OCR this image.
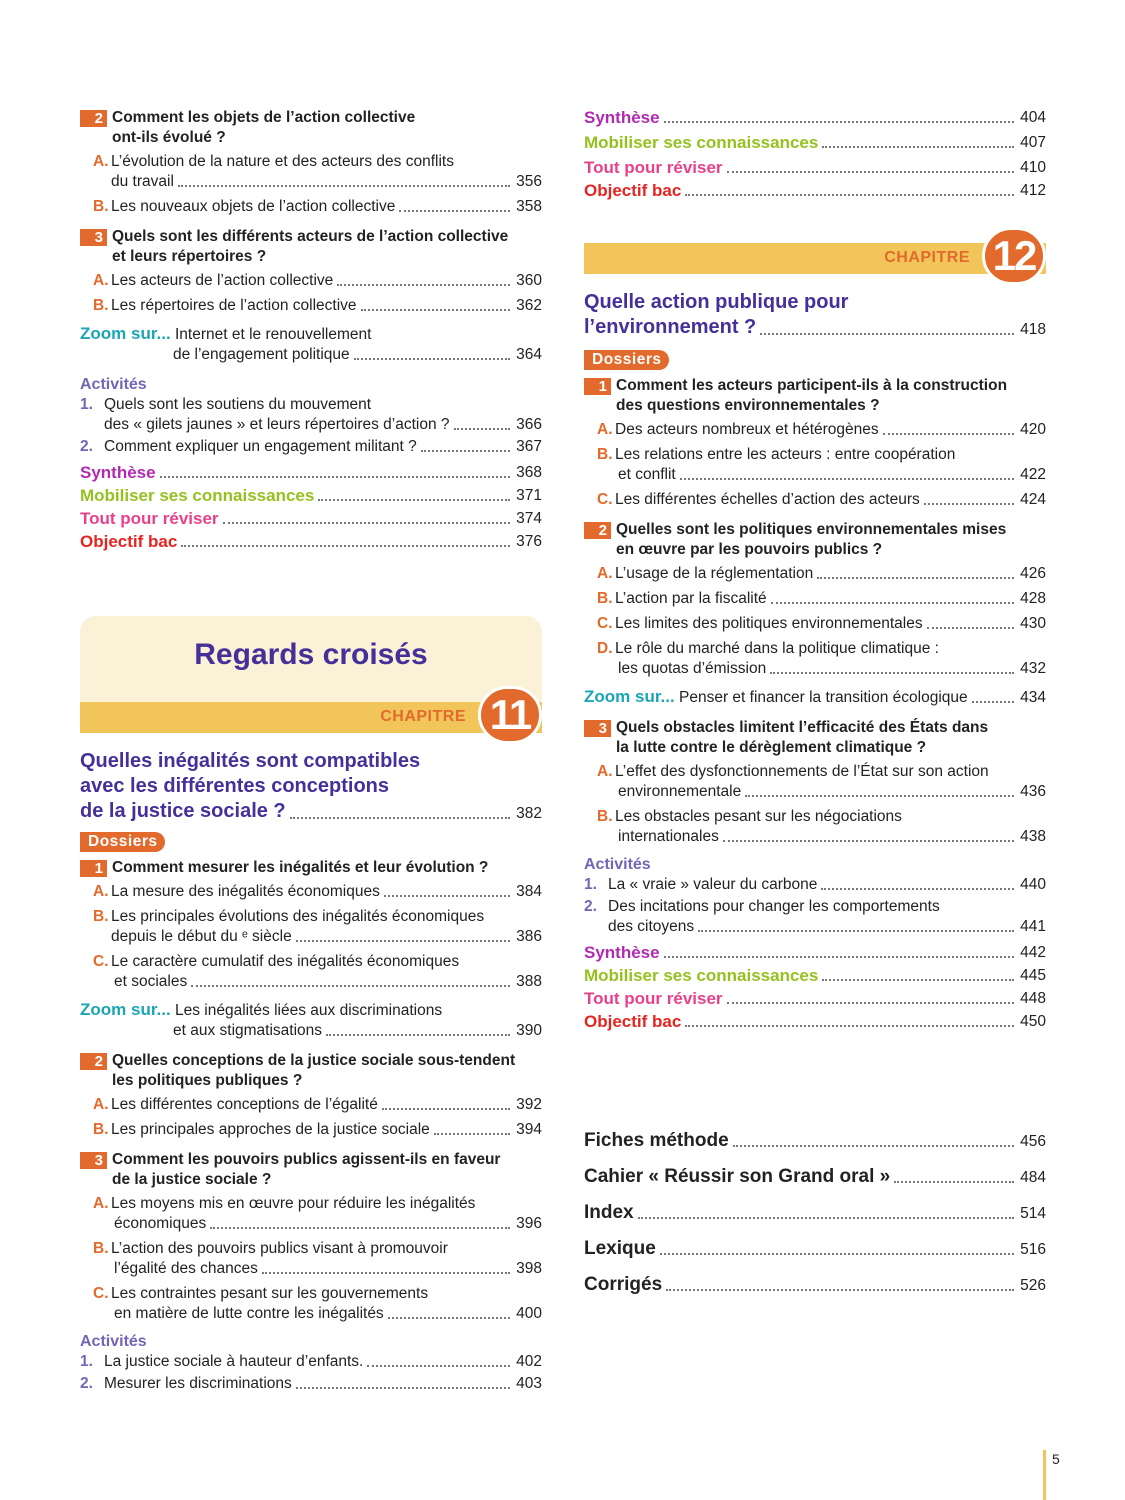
2 Comment les objets de l’action collective
ont-ils évolué ?
A. L’évolution de la nature et des acteurs des conflits
du travail	356
B. Les nouveaux objets de l’action collective	358
3 Quels sont les différents acteurs de l’action collective
et leurs répertoires ?
A. Les acteurs de l’action collective	360
B. Les répertoires de l’action collective	362
Zoom sur... Internet et le renouvellement
de l’engagement politique	364
Activités
1. Quels sont les soutiens du mouvement
des « gilets jaunes » et leurs répertoires d’action ?	366
2. Comment expliquer un engagement militant ?	367
Synthèse	368
Mobiliser ses connaissances	371
Tout pour réviser	374
Objectif bac	376
Regards croisés
CHAPITRE 11
Quelles inégalités sont compatibles
avec les différentes conceptions
de la justice sociale ?	382
Dossiers
1 Comment mesurer les inégalités et leur évolution ?
A. La mesure des inégalités économiques	384
B. Les principales évolutions des inégalités économiques
depuis le début du ᵉ siècle	386
C. Le caractère cumulatif des inégalités économiques
et sociales	388
Zoom sur... Les inégalités liées aux discriminations
et aux stigmatisations	390
2 Quelles conceptions de la justice sociale sous-tendent
les politiques publiques ?
A. Les différentes conceptions de l’égalité	392
B. Les principales approches de la justice sociale	394
3 Comment les pouvoirs publics agissent-ils en faveur
de la justice sociale ?
A. Les moyens mis en œuvre pour réduire les inégalités
économiques	396
B. L’action des pouvoirs publics visant à promouvoir
l’égalité des chances	398
C. Les contraintes pesant sur les gouvernements
en matière de lutte contre les inégalités	400
Activités
1. La justice sociale à hauteur d’enfants.	402
2. Mesurer les discriminations	403
Synthèse	404
Mobiliser ses connaissances	407
Tout pour réviser	410
Objectif bac	412
CHAPITRE 12
Quelle action publique pour
l’environnement ?	418
Dossiers
1 Comment les acteurs participent-ils à la construction
des questions environnementales ?
A. Des acteurs nombreux et hétérogènes	420
B. Les relations entre les acteurs : entre coopération
et conflit	422
C. Les différentes échelles d’action des acteurs	424
2 Quelles sont les politiques environnementales mises
en œuvre par les pouvoirs publics ?
A. L’usage de la réglementation	426
B. L’action par la fiscalité	428
C. Les limites des politiques environnementales	430
D. Le rôle du marché dans la politique climatique :
les quotas d’émission	432
Zoom sur... Penser et financer la transition écologique	434
3 Quels obstacles limitent l’efficacité des États dans
la lutte contre le dérèglement climatique ?
A. L’effet des dysfonctionnements de l’État sur son action
environnementale	436
B. Les obstacles pesant sur les négociations
internationales	438
Activités
1. La « vraie » valeur du carbone	440
2. Des incitations pour changer les comportements
des citoyens	441
Synthèse	442
Mobiliser ses connaissances	445
Tout pour réviser	448
Objectif bac	450
Fiches méthode	456
Cahier « Réussir son Grand oral »	484
Index	514
Lexique	516
Corrigés	526
5
